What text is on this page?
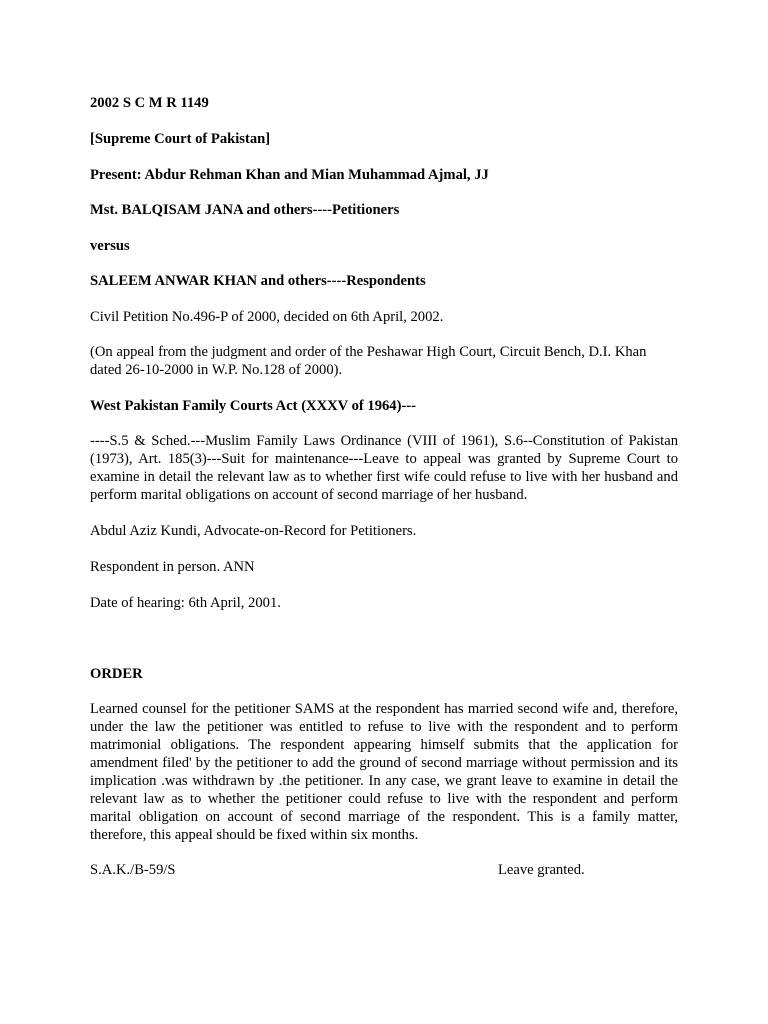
2002 S C M R 1149
[Supreme Court of Pakistan]
Present: Abdur Rehman Khan and Mian Muhammad Ajmal, JJ
Mst. BALQISAM JANA and others----Petitioners
versus
SALEEM ANWAR KHAN and others----Respondents
Civil Petition No.496-P of 2000, decided on 6th April, 2002.
(On appeal from the judgment and order of the Peshawar High Court, Circuit Bench, D.I. Khan dated 26-10-2000 in W.P. No.128 of 2000).
West Pakistan Family Courts Act (XXXV of 1964)---
----S.5 & Sched.---Muslim Family Laws Ordinance (VIII of 1961), S.6--Constitution of Pakistan (1973), Art. 185(3)---Suit for maintenance---Leave to appeal was granted by Supreme Court to examine in detail the relevant law as to whether first wife could refuse to live with her husband and perform marital obligations on account of second marriage of her husband.
Abdul Aziz Kundi, Advocate-on-Record for Petitioners.
Respondent in person. ANN
Date of hearing: 6th April, 2001.
ORDER
Learned counsel for the petitioner SAMS at the respondent has married second wife and, therefore, under the law the petitioner was entitled to refuse to live with the respondent and to perform matrimonial obligations. The respondent appearing himself submits that the application for amendment filed' by the petitioner to add the ground of second marriage without permission and its implication .was withdrawn by .the petitioner. In any case, we grant leave to examine in detail the relevant law as to whether the petitioner could refuse to live with the respondent and perform marital obligation on account of second marriage of the respondent. This is a family matter, therefore, this appeal should be fixed within six months.
S.A.K./B-59/S	Leave granted.
